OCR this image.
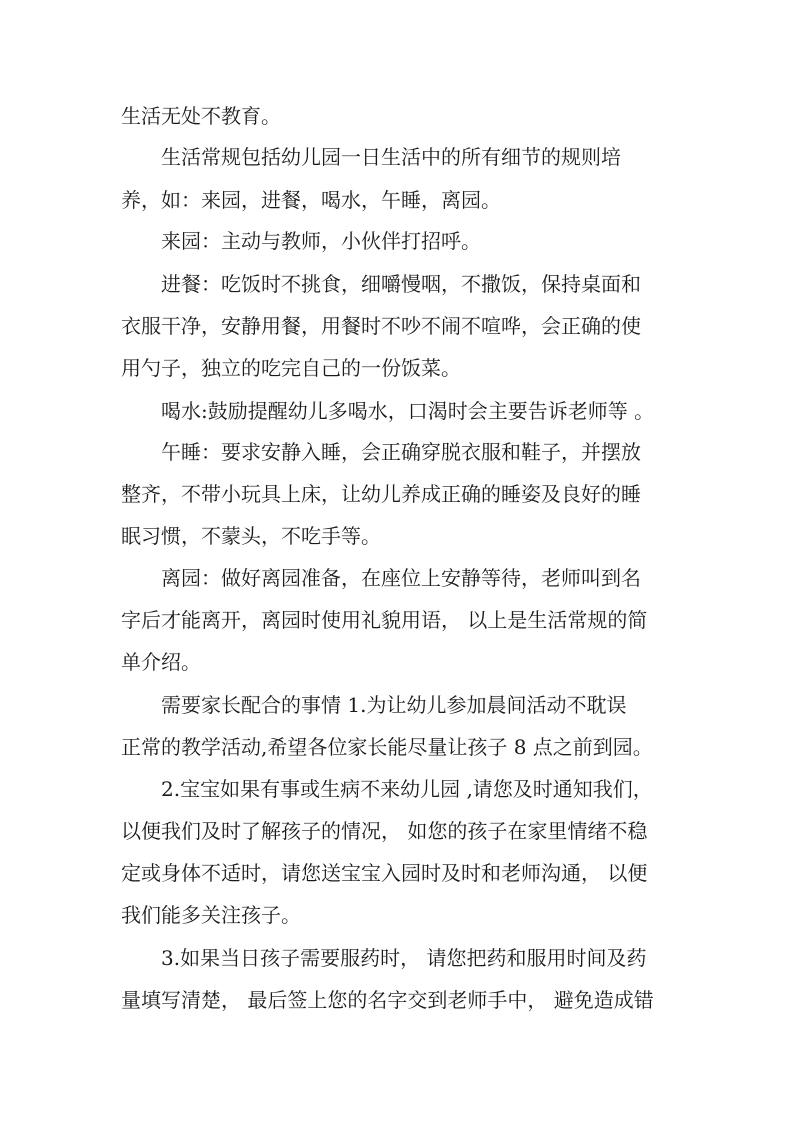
生活无处不教育。
生活常规包括幼儿园一日生活中的所有细节的规则培
养，如：来园，进餐，喝水，午睡，离园。
来园：主动与教师，小伙伴打招呼。
进餐：吃饭时不挑食，细嚼慢咽，不撒饭，保持桌面和
衣服干净，安静用餐，用餐时不吵不闹不喧哗，会正确的使
用勺子，独立的吃完自己的一份饭菜。
喝水:鼓励提醒幼儿多喝水，口渴时会主要告诉老师等 。
午睡：要求安静入睡，会正确穿脱衣服和鞋子，并摆放
整齐，不带小玩具上床，让幼儿养成正确的睡姿及良好的睡
眠习惯，不蒙头，不吃手等。
离园：做好离园准备，在座位上安静等待，老师叫到名
字后才能离开，离园时使用礼貌用语， 以上是生活常规的简
单介绍。
需要家长配合的事情 1.为让幼儿参加晨间活动不耽误
正常的教学活动,希望各位家长能尽量让孩子 8 点之前到园。
2.宝宝如果有事或生病不来幼儿园 ,请您及时通知我们，
以便我们及时了解孩子的情况， 如您的孩子在家里情绪不稳
定或身体不适时，请您送宝宝入园时及时和老师沟通， 以便
我们能多关注孩子。
3.如果当日孩子需要服药时， 请您把药和服用时间及药
量填写清楚， 最后签上您的名字交到老师手中， 避免造成错
